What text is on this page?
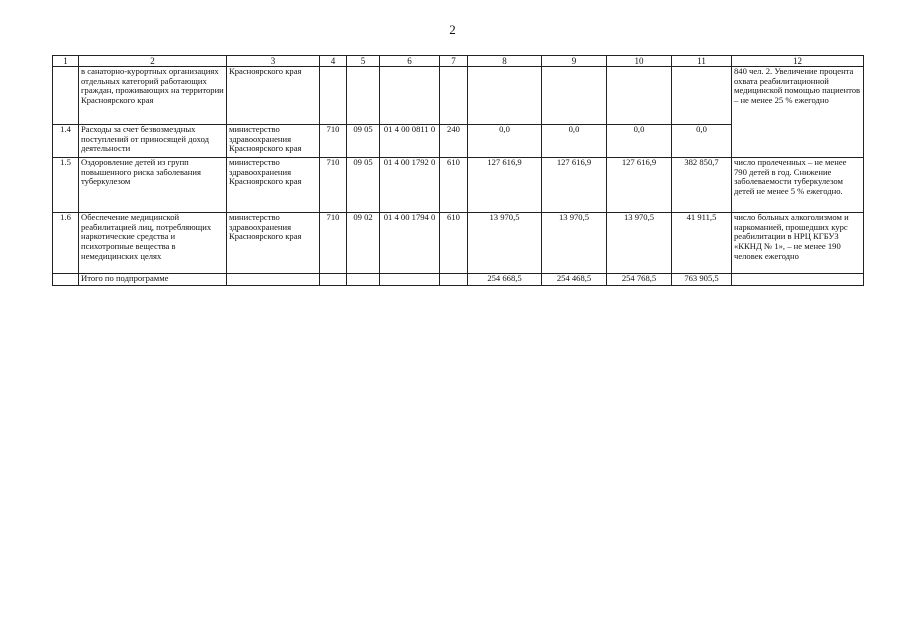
2
1	2	3	4	5	6	7	8	9	10	11	12
	в санаторно-курортных организациях отдельных категорий работающих граждан, проживающих на территории Красноярского края	Красноярского края									840 чел. 2. Увеличение процента охвата реабилитационной медицинской помощью пациентов – не менее 25 % ежегодно
1.4	Расходы за счет безвозмездных поступлений от приносящей доход деятельности	министерство здравоохранения Красноярского края	710	09 05	01 4 00 0811 0	240	0,0	0,0	0,0	0,0	
1.5	Оздоровление детей из групп повышенного риска заболевания туберкулезом	министерство здравоохранения Красноярского края	710	09 05	01 4 00 1792 0	610	127 616,9	127 616,9	127 616,9	382 850,7	число пролеченных – не менее 790 детей в год. Снижение заболеваемости туберкулезом детей не менее 5 % ежегодно.
1.6	Обеспечение медицинской реабилитацией лиц, потребляющих наркотические средства и психотропные вещества в немедицинских целях	министерство здравоохранения Красноярского края	710	09 02	01 4 00 1794 0	610	13 970,5	13 970,5	13 970,5	41 911,5	число больных алкоголизмом и наркоманией, прошедших курс реабилитации в НРЦ КГБУЗ «ККНД № 1», – не менее 190 человек ежегодно
	Итого по подпрограмме						254 668,5	254 468,5	254 768,5	763 905,5	
